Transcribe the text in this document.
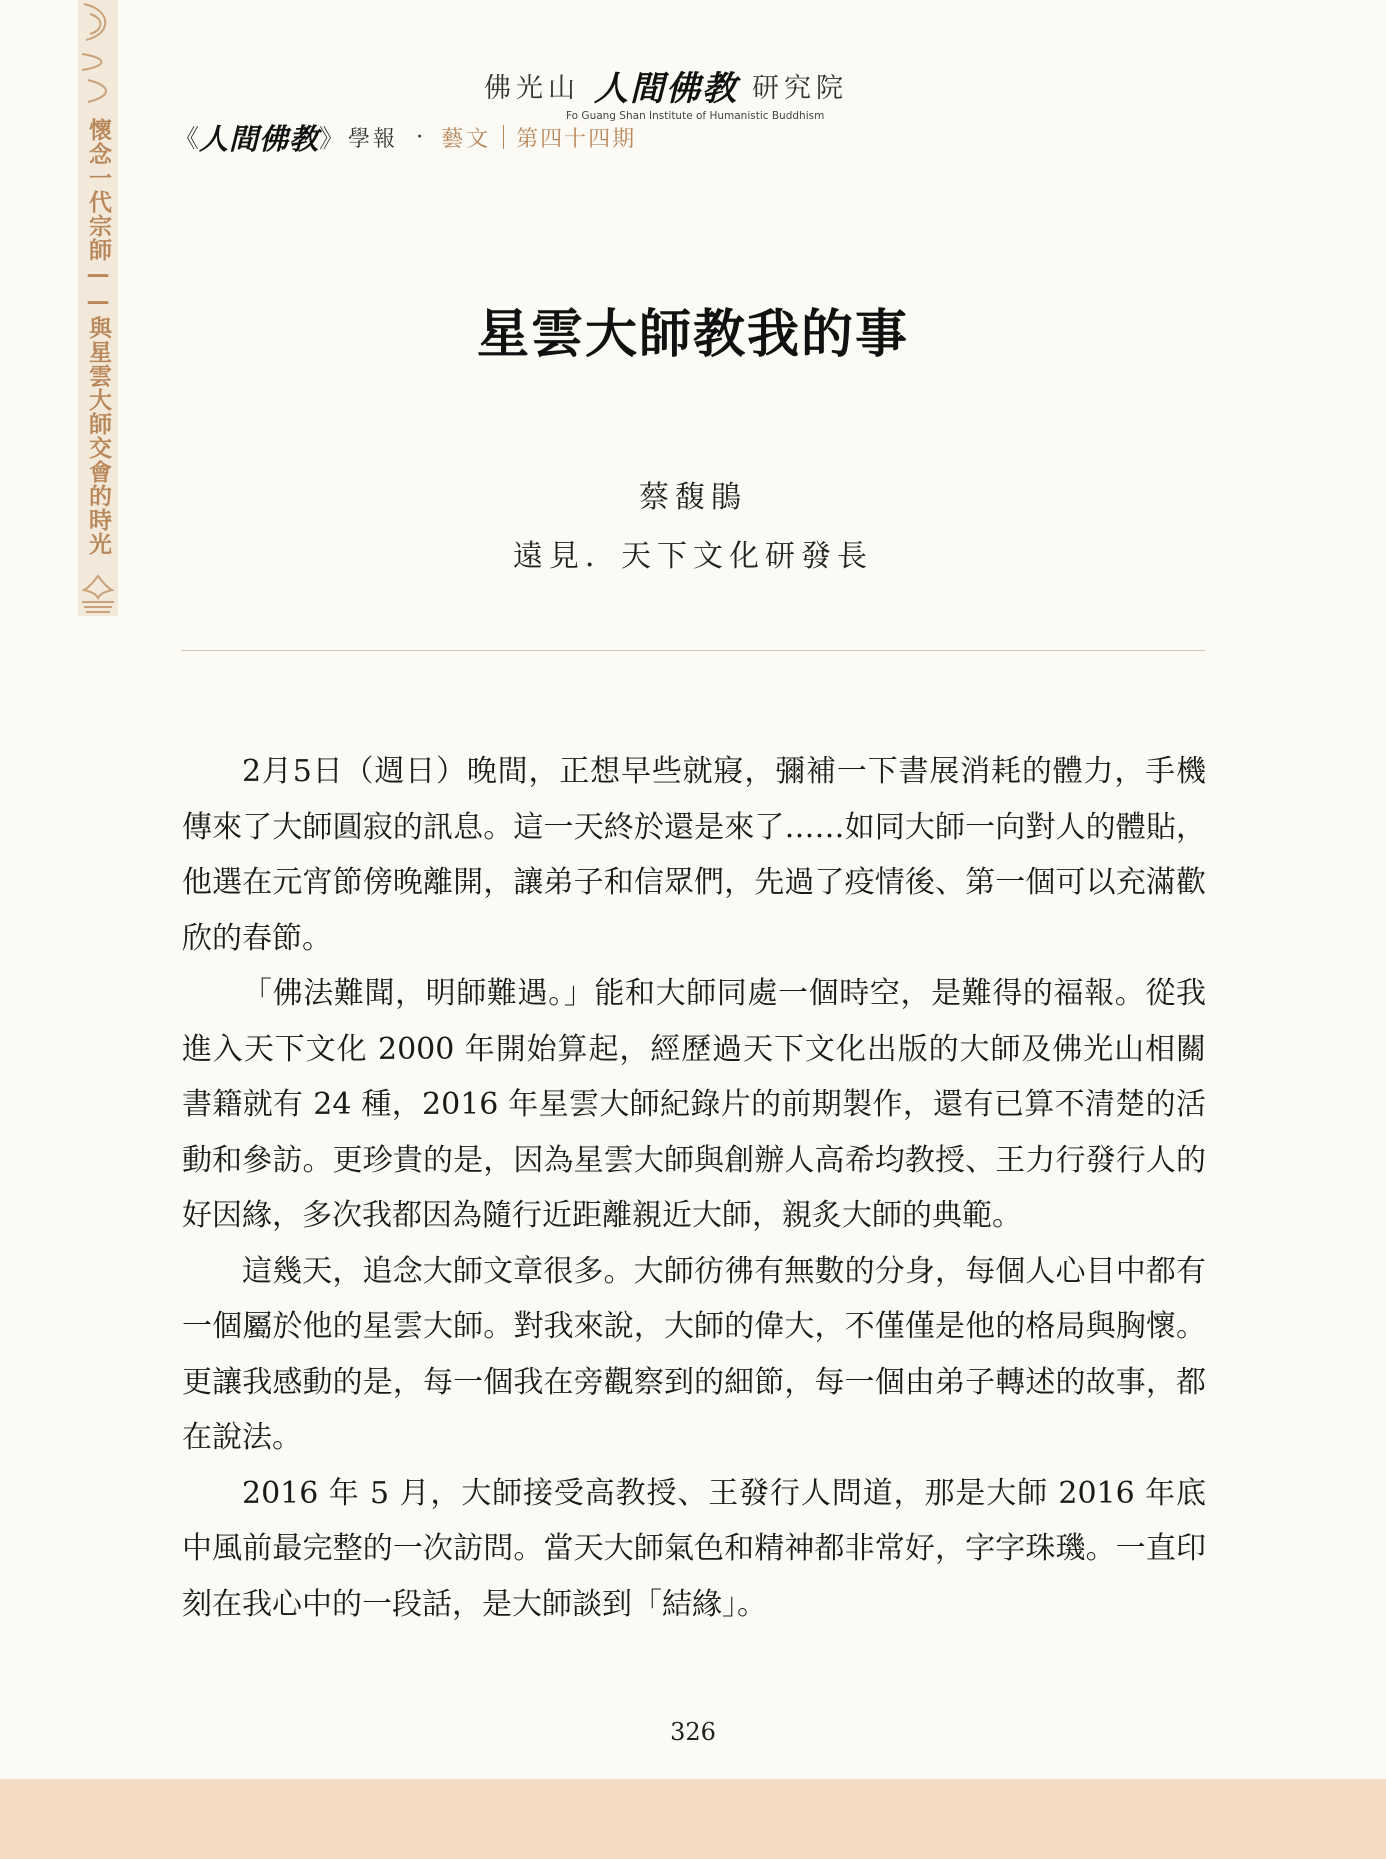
懷念一代宗師——與星雲大師交會的時光
佛光山 人間佛教 研究院
Fo Guang Shan Institute of Humanistic Buddhism
《 人間佛教 》 學報 · 藝文 第四十四期
星雲大師教我的事
蔡馥鵑
遠見．天下文化研發長

2月5日（週日）晚間，正想早些就寢，彌補一下書展消耗的體力，手機傳來了大師圓寂的訊息。這一天終於還是來了……如同大師一向對人的體貼，他選在元宵節傍晚離開，讓弟子和信眾們，先過了疫情後、第一個可以充滿歡欣的春節。

「佛法難聞，明師難遇。」能和大師同處一個時空，是難得的福報。從我進入天下文化 2000 年開始算起，經歷過天下文化出版的大師及佛光山相關書籍就有 24 種，2016 年星雲大師紀錄片的前期製作，還有已算不清楚的活動和參訪。更珍貴的是，因為星雲大師與創辦人高希均教授、王力行發行人的好因緣，多次我都因為隨行近距離親近大師，親炙大師的典範。

這幾天，追念大師文章很多。大師彷彿有無數的分身，每個人心目中都有一個屬於他的星雲大師。對我來說，大師的偉大，不僅僅是他的格局與胸懷。更讓我感動的是，每一個我在旁觀察到的細節，每一個由弟子轉述的故事，都在說法。

2016 年 5 月，大師接受高教授、王發行人問道，那是大師 2016 年底中風前最完整的一次訪問。當天大師氣色和精神都非常好，字字珠璣。一直印刻在我心中的一段話，是大師談到「結緣」。

326
